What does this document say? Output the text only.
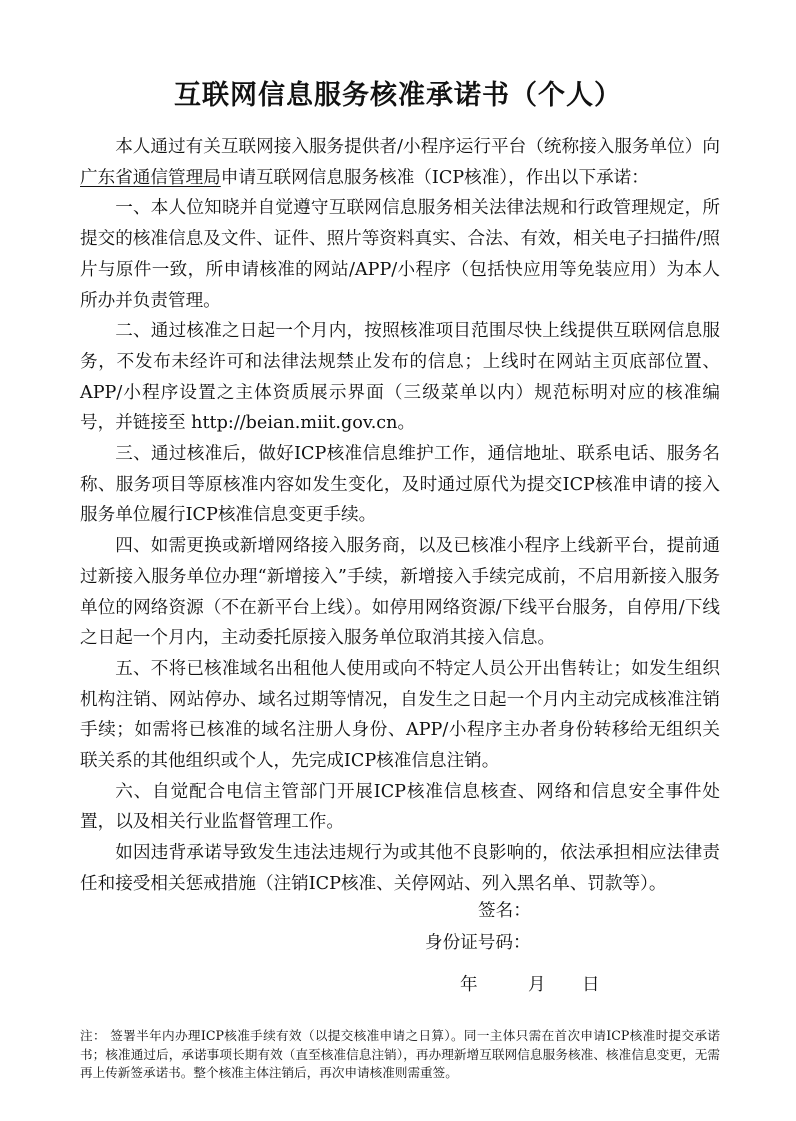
互联网信息服务核准承诺书（个人）

本人通过有关互联网接入服务提供者/小程序运行平台（统称接入服务单位）向广东省通信管理局申请互联网信息服务核准（ICP核准），作出以下承诺：

一、本人位知晓并自觉遵守互联网信息服务相关法律法规和行政管理规定，所提交的核准信息及文件、证件、照片等资料真实、合法、有效，相关电子扫描件/照片与原件一致，所申请核准的网站/APP/小程序（包括快应用等免装应用）为本人所办并负责管理。

二、通过核准之日起一个月内，按照核准项目范围尽快上线提供互联网信息服务，不发布未经许可和法律法规禁止发布的信息；上线时在网站主页底部位置、APP/小程序设置之主体资质展示界面（三级菜单以内）规范标明对应的核准编号，并链接至 http://beian.miit.gov.cn。

三、通过核准后，做好ICP核准信息维护工作，通信地址、联系电话、服务名称、服务项目等原核准内容如发生变化，及时通过原代为提交ICP核准申请的接入服务单位履行ICP核准信息变更手续。

四、如需更换或新增网络接入服务商，以及已核准小程序上线新平台，提前通过新接入服务单位办理“新增接入”手续，新增接入手续完成前，不启用新接入服务单位的网络资源（不在新平台上线）。如停用网络资源/下线平台服务，自停用/下线之日起一个月内，主动委托原接入服务单位取消其接入信息。

五、不将已核准域名出租他人使用或向不特定人员公开出售转让；如发生组织机构注销、网站停办、域名过期等情况，自发生之日起一个月内主动完成核准注销手续；如需将已核准的域名注册人身份、APP/小程序主办者身份转移给无组织关联关系的其他组织或个人，先完成ICP核准信息注销。

六、自觉配合电信主管部门开展ICP核准信息核查、网络和信息安全事件处置，以及相关行业监督管理工作。

如因违背承诺导致发生违法违规行为或其他不良影响的，依法承担相应法律责任和接受相关惩戒措施（注销ICP核准、关停网站、列入黑名单、罚款等）。

签名：
身份证号码：
年	月 日
注： 签署半年内办理ICP核准手续有效（以提交核准申请之日算）。同一主体只需在首次申请ICP核准时提交承诺书；核准通过后，承诺事项长期有效（直至核准信息注销），再办理新增互联网信息服务核准、核准信息变更，无需再上传新签承诺书。整个核准主体注销后，再次申请核准则需重签。
